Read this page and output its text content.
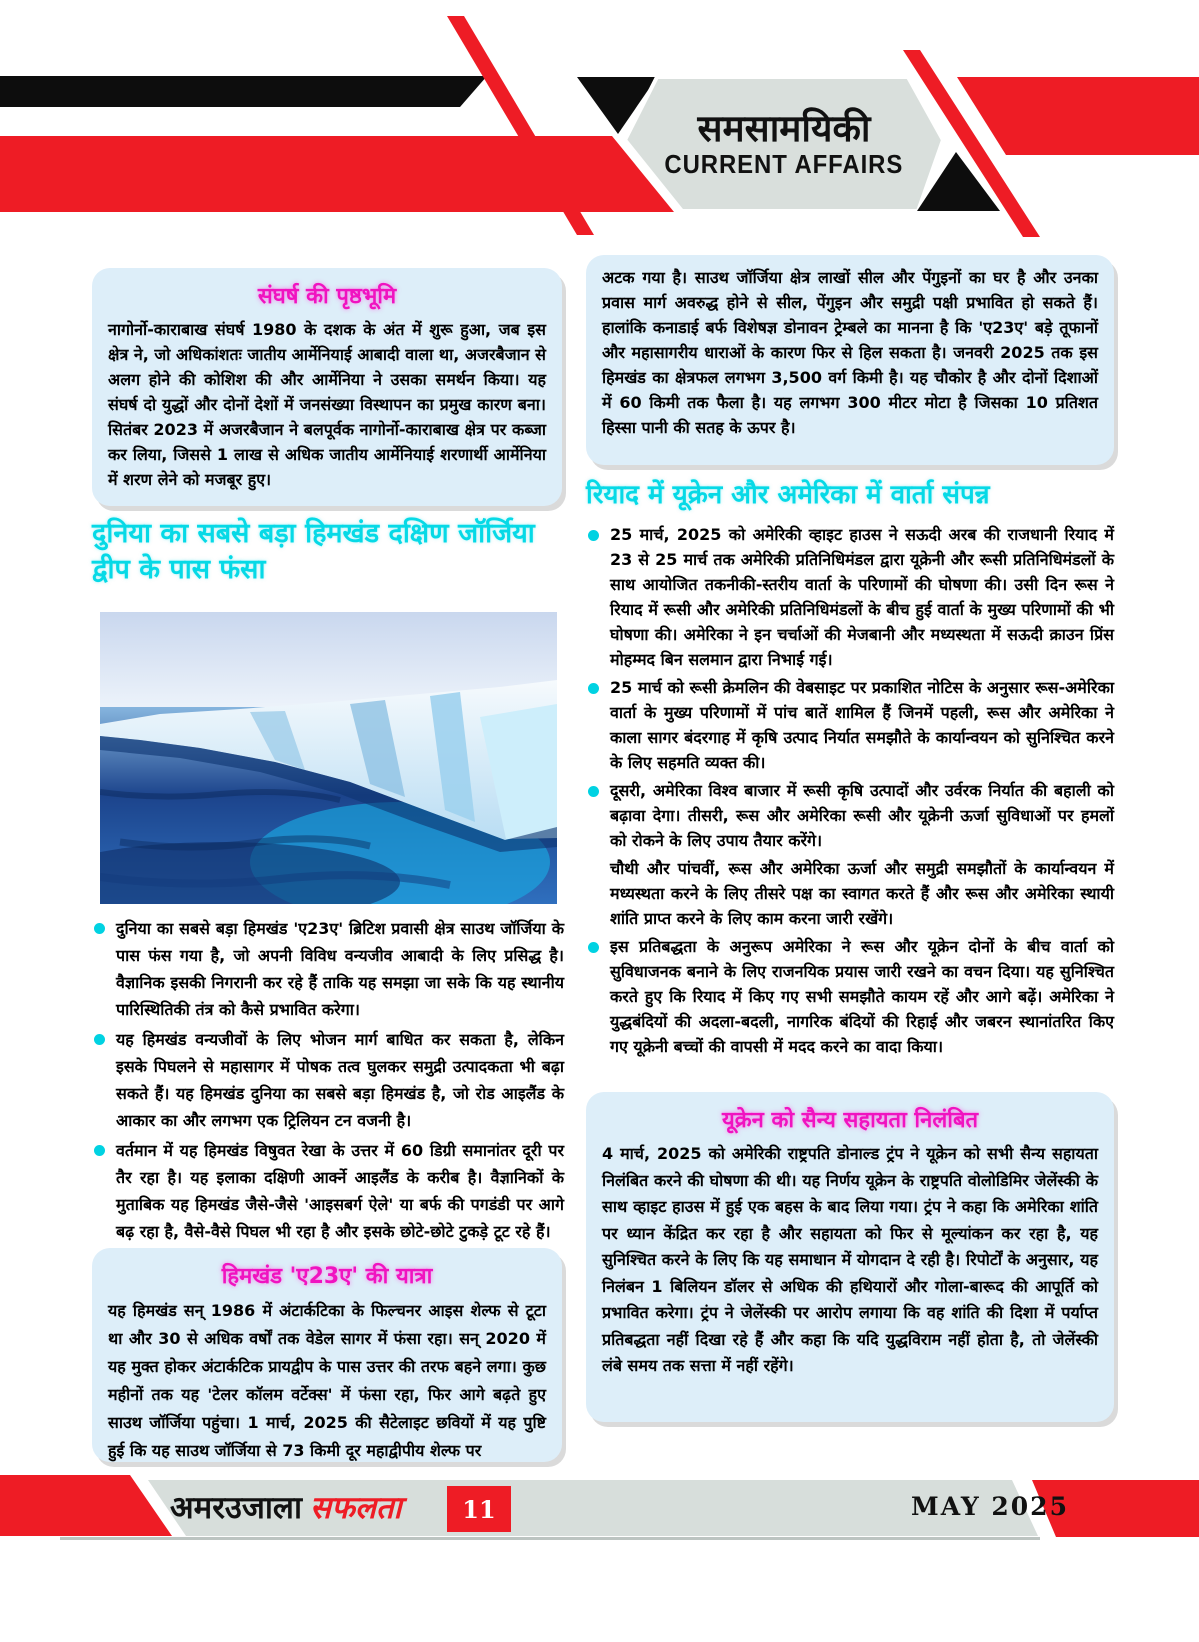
समसामयिकी
CURRENT AFFAIRS
संघर्ष की पृष्ठभूमि
नागोर्नो-काराबाख संघर्ष 1980 के दशक के अंत में शुरू हुआ, जब इस क्षेत्र ने, जो अधिकांशतः जातीय आर्मेनियाई आबादी वाला था, अजरबैजान से अलग होने की कोशिश की और आर्मेनिया ने उसका समर्थन किया। यह संघर्ष दो युद्धों और दोनों देशों में जनसंख्या विस्थापन का प्रमुख कारण बना। सितंबर 2023 में अजरबैजान ने बलपूर्वक नागोर्नो-काराबाख क्षेत्र पर कब्जा कर लिया, जिससे 1 लाख से अधिक जातीय आर्मेनियाई शरणार्थी आर्मेनिया में शरण लेने को मजबूर हुए।
दुनिया का सबसे बड़ा हिमखंड दक्षिण जॉर्जिया द्वीप के पास फंसा
दुनिया का सबसे बड़ा हिमखंड 'ए23ए' ब्रिटिश प्रवासी क्षेत्र साउथ जॉर्जिया के पास फंस गया है, जो अपनी विविध वन्यजीव आबादी के लिए प्रसिद्ध है। वैज्ञानिक इसकी निगरानी कर रहे हैं ताकि यह समझा जा सके कि यह स्थानीय पारिस्थितिकी तंत्र को कैसे प्रभावित करेगा।
यह हिमखंड वन्यजीवों के लिए भोजन मार्ग बाधित कर सकता है, लेकिन इसके पिघलने से महासागर में पोषक तत्व घुलकर समुद्री उत्पादकता भी बढ़ा सकते हैं। यह हिमखंड दुनिया का सबसे बड़ा हिमखंड है, जो रोड आइलैंड के आकार का और लगभग एक ट्रिलियन टन वजनी है।
वर्तमान में यह हिमखंड विषुवत रेखा के उत्तर में 60 डिग्री समानांतर दूरी पर तैर रहा है। यह इलाका दक्षिणी आर्क्ने आइलैंड के करीब है। वैज्ञानिकों के मुताबिक यह हिमखंड जैसे-जैसे 'आइसबर्ग ऐले' या बर्फ की पगडंडी पर आगे बढ़ रहा है, वैसे-वैसे पिघल भी रहा है और इसके छोटे-छोटे टुकड़े टूट रहे हैं।
हिमखंड 'ए23ए' की यात्रा
यह हिमखंड सन् 1986 में अंटार्कटिका के फिल्चनर आइस शेल्फ से टूटा था और 30 से अधिक वर्षों तक वेडेल सागर में फंसा रहा। सन् 2020 में यह मुक्त होकर अंटार्कटिक प्रायद्वीप के पास उत्तर की तरफ बहने लगा। कुछ महीनों तक यह 'टेलर कॉलम वर्टेक्स' में फंसा रहा, फिर आगे बढ़ते हुए साउथ जॉर्जिया पहुंचा। 1 मार्च, 2025 की सैटेलाइट छवियों में यह पुष्टि हुई कि यह साउथ जॉर्जिया से 73 किमी दूर महाद्वीपीय शेल्फ पर
अटक गया है। साउथ जॉर्जिया क्षेत्र लाखों सील और पेंगुइनों का घर है और उनका प्रवास मार्ग अवरुद्ध होने से सील, पेंगुइन और समुद्री पक्षी प्रभावित हो सकते हैं। हालांकि कनाडाई बर्फ विशेषज्ञ डोनावन ट्रेम्बले का मानना है कि 'ए23ए' बड़े तूफानों और महासागरीय धाराओं के कारण फिर से हिल सकता है। जनवरी 2025 तक इस हिमखंड का क्षेत्रफल लगभग 3,500 वर्ग किमी है। यह चौकोर है और दोनों दिशाओं में 60 किमी तक फैला है। यह लगभग 300 मीटर मोटा है जिसका 10 प्रतिशत हिस्सा पानी की सतह के ऊपर है।
रियाद में यूक्रेन और अमेरिका में वार्ता संपन्न
25 मार्च, 2025 को अमेरिकी व्हाइट हाउस ने सऊदी अरब की राजधानी रियाद में 23 से 25 मार्च तक अमेरिकी प्रतिनिधिमंडल द्वारा यूक्रेनी और रूसी प्रतिनिधिमंडलों के साथ आयोजित तकनीकी-स्तरीय वार्ता के परिणामों की घोषणा की। उसी दिन रूस ने रियाद में रूसी और अमेरिकी प्रतिनिधिमंडलों के बीच हुई वार्ता के मुख्य परिणामों की भी घोषणा की। अमेरिका ने इन चर्चाओं की मेजबानी और मध्यस्थता में सऊदी क्राउन प्रिंस मोहम्मद बिन सलमान द्वारा निभाई गई।
25 मार्च को रूसी क्रेमलिन की वेबसाइट पर प्रकाशित नोटिस के अनुसार रूस-अमेरिका वार्ता के मुख्य परिणामों में पांच बातें शामिल हैं जिनमें पहली, रूस और अमेरिका ने काला सागर बंदरगाह में कृषि उत्पाद निर्यात समझौते के कार्यान्वयन को सुनिश्चित करने के लिए सहमति व्यक्त की।
दूसरी, अमेरिका विश्व बाजार में रूसी कृषि उत्पादों और उर्वरक निर्यात की बहाली को बढ़ावा देगा। तीसरी, रूस और अमेरिका रूसी और यूक्रेनी ऊर्जा सुविधाओं पर हमलों को रोकने के लिए उपाय तैयार करेंगे।
चौथी और पांचवीं, रूस और अमेरिका ऊर्जा और समुद्री समझौतों के कार्यान्वयन में मध्यस्थता करने के लिए तीसरे पक्ष का स्वागत करते हैं और रूस और अमेरिका स्थायी शांति प्राप्त करने के लिए काम करना जारी रखेंगे।
इस प्रतिबद्धता के अनुरूप अमेरिका ने रूस और यूक्रेन दोनों के बीच वार्ता को सुविधाजनक बनाने के लिए राजनयिक प्रयास जारी रखने का वचन दिया। यह सुनिश्चित करते हुए कि रियाद में किए गए सभी समझौते कायम रहें और आगे बढ़ें। अमेरिका ने युद्धबंदियों की अदला-बदली, नागरिक बंदियों की रिहाई और जबरन स्थानांतरित किए गए यूक्रेनी बच्चों की वापसी में मदद करने का वादा किया।
यूक्रेन को सैन्य सहायता निलंबित
4 मार्च, 2025 को अमेरिकी राष्ट्रपति डोनाल्ड ट्रंप ने यूक्रेन को सभी सैन्य सहायता निलंबित करने की घोषणा की थी। यह निर्णय यूक्रेन के राष्ट्रपति वोलोडिमिर जेलेंस्की के साथ व्हाइट हाउस में हुई एक बहस के बाद लिया गया। ट्रंप ने कहा कि अमेरिका शांति पर ध्यान केंद्रित कर रहा है और सहायता को फिर से मूल्यांकन कर रहा है, यह सुनिश्चित करने के लिए कि यह समाधान में योगदान दे रही है। रिपोर्टों के अनुसार, यह निलंबन 1 बिलियन डॉलर से अधिक की हथियारों और गोला-बारूद की आपूर्ति को प्रभावित करेगा। ट्रंप ने जेलेंस्की पर आरोप लगाया कि वह शांति की दिशा में पर्याप्त प्रतिबद्धता नहीं दिखा रहे हैं और कहा कि यदि युद्धविराम नहीं होता है, तो जेलेंस्की लंबे समय तक सत्ता में नहीं रहेंगे।
अमरउजाला सफलता	11	MAY 2025
